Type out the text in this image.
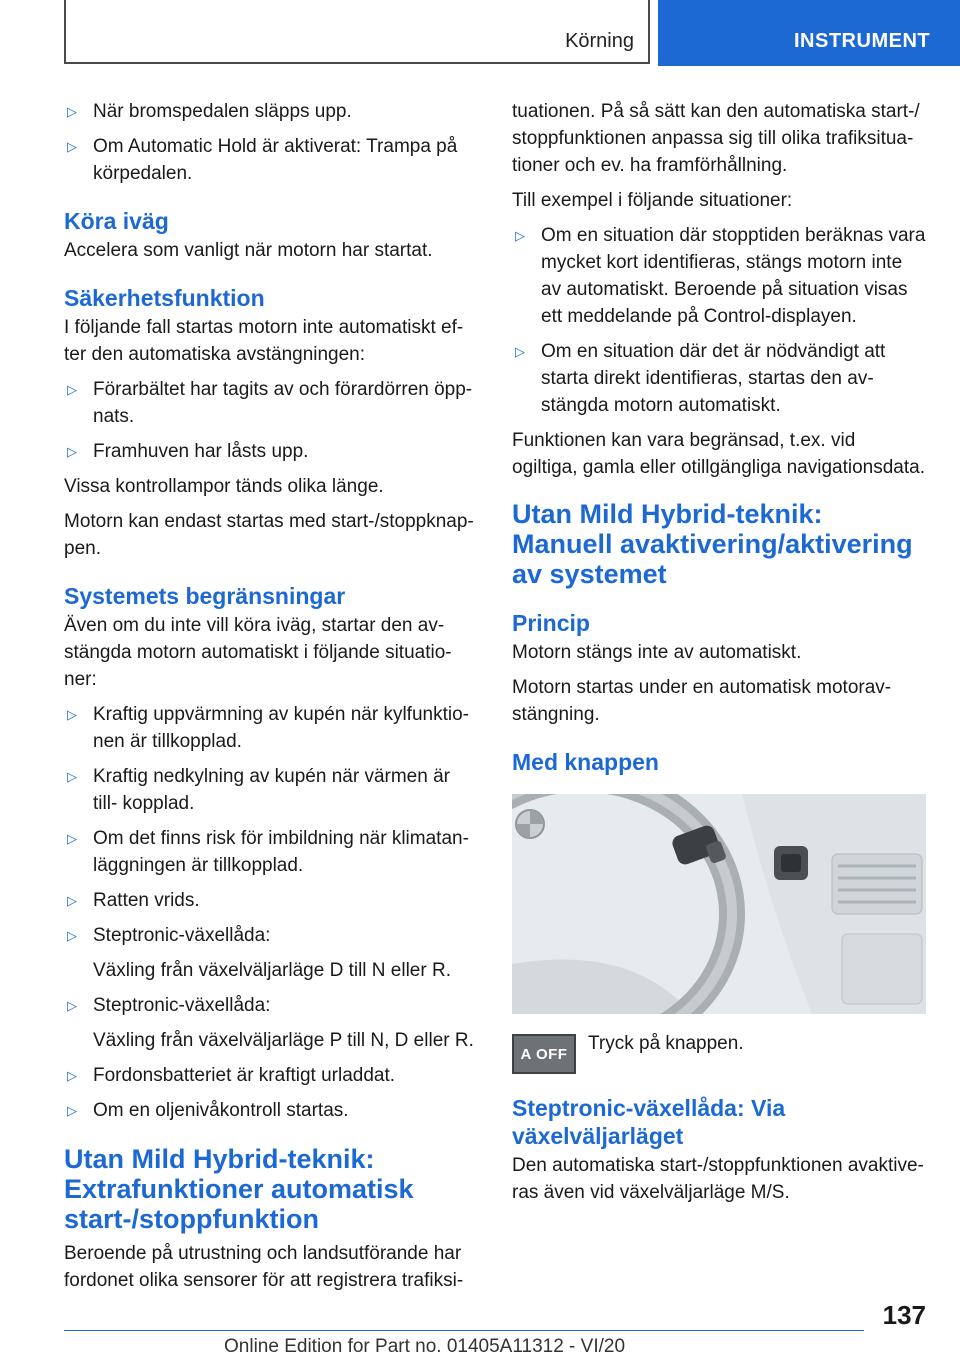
Körning	INSTRUMENT
▷ När bromspedalen släpps upp.
▷ Om Automatic Hold är aktiverat: Trampa på körpedalen.
Köra iväg

Accelera som vanligt när motorn har startat.

Säkerhetsfunktion

I följande fall startas motorn inte automatiskt ef- ter den automatiska avstängningen:

▷ Förarbältet har tagits av och förardörren öpp- nats.
▷ Framhuven har låsts upp.

Vissa kontrollampor tänds olika länge.

Motorn kan endast startas med start-/stoppknap- pen.

Systemets begränsningar

Även om du inte vill köra iväg, startar den av- stängda motorn automatiskt i följande situatio- ner:

▷ Kraftig uppvärmning av kupén när kylfunktio- nen är tillkopplad.
▷ Kraftig nedkylning av kupén när värmen är till- kopplad.
▷ Om det finns risk för imbildning när klimatan- läggningen är tillkopplad.
▷ Ratten vrids.
▷ Steptronic-växellåda:
Växling från växelväljarläge D till N eller R.
▷ Steptronic-växellåda:
Växling från växelväljarläge P till N, D eller R.
▷ Fordonsbatteriet är kraftigt urladdat.
▷ Om en oljenivåkontroll startas.
Utan Mild Hybrid-teknik: Extrafunktioner automatisk start-/stoppfunktion

Beroende på utrustning och landsutförande har fordonet olika sensorer för att registrera trafiksi-

tuationen. På så sätt kan den automatiska start-/ stoppfunktionen anpassa sig till olika trafiksitua- tioner och ev. ha framförhållning.

Till exempel i följande situationer:

▷ Om en situation där stopptiden beräknas vara mycket kort identifieras, stängs motorn inte av automatiskt. Beroende på situation visas ett meddelande på Control-displayen.
▷ Om en situation där det är nödvändigt att starta direkt identifieras, startas den av- stängda motorn automatiskt.

Funktionen kan vara begränsad, t.ex. vid ogiltiga, gamla eller otillgängliga navigationsdata.

Utan Mild Hybrid-teknik: Manuell avaktivering/aktivering av systemet
Princip

Motorn stängs inte av automatiskt.

Motorn startas under en automatisk motorav- stängning.

Med knappen
A OFF	Tryck på knappen.
Steptronic-växellåda: Via växelväljarläget

Den automatiska start-/stoppfunktionen avaktive- ras även vid växelväljarläge M/S.

137
Online Edition for Part no. 01405A11312 - VI/20
